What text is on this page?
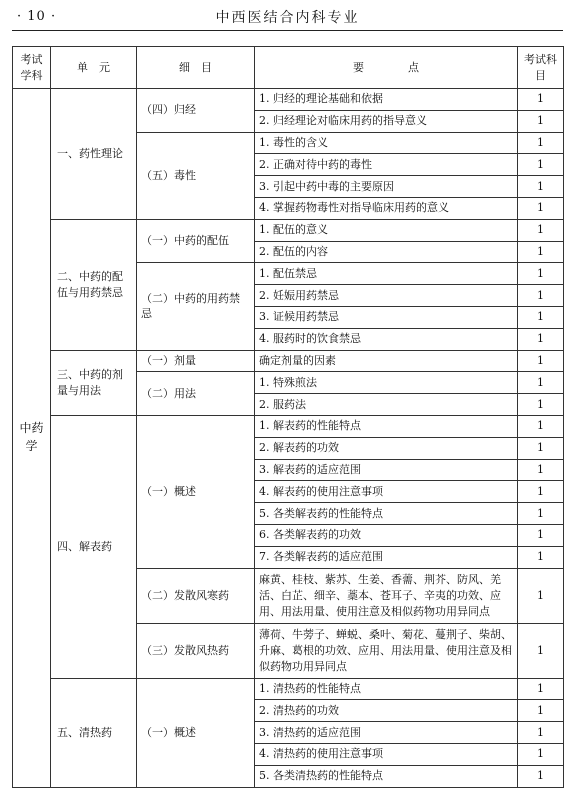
· 10 ·	中西医结合内科专业
考试学科	单　元	细　目	要　　　　点	考试科目
中药学	一、药性理论	（四）归经	1. 归经的理论基础和依据	1
			2. 归经理论对临床用药的指导意义	1
		（五）毒性	1. 毒性的含义	1
			2. 正确对待中药的毒性	1
			3. 引起中药中毒的主要原因	1
			4. 掌握药物毒性对指导临床用药的意义	1
	二、中药的配伍与用药禁忌	（一）中药的配伍	1. 配伍的意义	1
			2. 配伍的内容	1
		（二）中药的用药禁忌	1. 配伍禁忌	1
			2. 妊娠用药禁忌	1
			3. 证候用药禁忌	1
			4. 服药时的饮食禁忌	1
	三、中药的剂量与用法	（一）剂量	确定剂量的因素	1
		（二）用法	1. 特殊煎法	1
			2. 服药法	1
	四、解表药	（一）概述	1. 解表药的性能特点	1
			2. 解表药的功效	1
			3. 解表药的适应范围	1
			4. 解表药的使用注意事项	1
			5. 各类解表药的性能特点	1
			6. 各类解表药的功效	1
			7. 各类解表药的适应范围	1
		（二）发散风寒药	麻黄、桂枝、紫苏、生姜、香薷、荆芥、防风、羌活、白芷、细辛、藁本、苍耳子、辛夷的功效、应用、用法用量、使用注意及相似药物功用异同点	1
		（三）发散风热药	薄荷、牛蒡子、蝉蜕、桑叶、菊花、蔓荆子、柴胡、升麻、葛根的功效、应用、用法用量、使用注意及相似药物功用异同点	1
	五、清热药	（一）概述	1. 清热药的性能特点	1
			2. 清热药的功效	1
			3. 清热药的适应范围	1
			4. 清热药的使用注意事项	1
			5. 各类清热药的性能特点	1
